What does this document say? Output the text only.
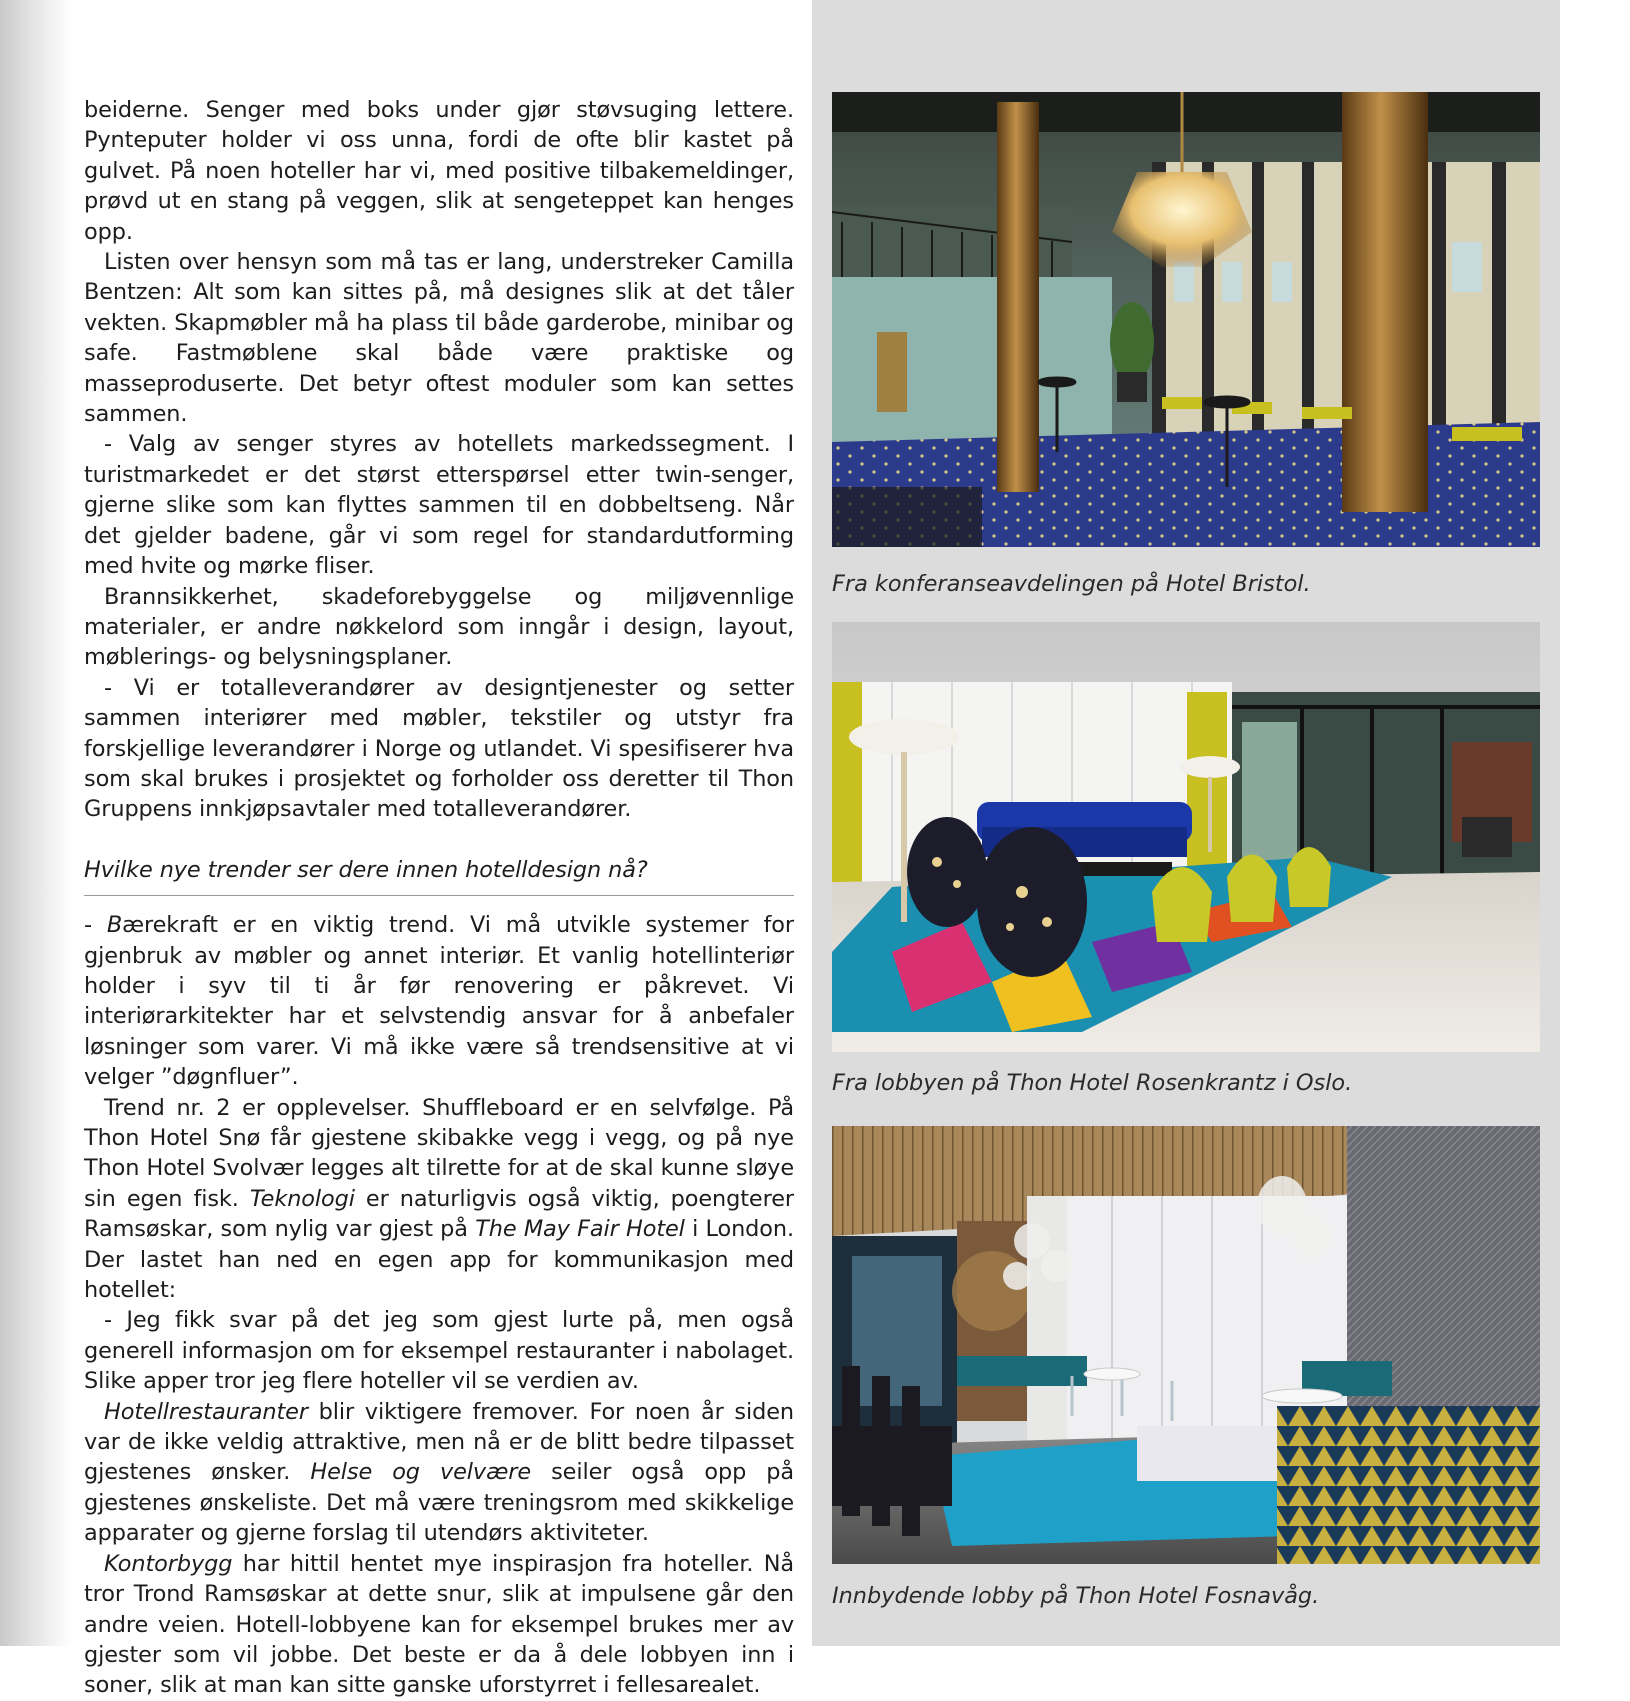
beiderne. Senger med boks under gjør støvsuging lettere. Pynteputer holder vi oss unna, fordi de ofte blir kastet på gulvet. På noen hoteller har vi, med positive tilbakemeldinger, prøvd ut en stang på veggen, slik at sengeteppet kan henges opp.

Listen over hensyn som må tas er lang, understreker Camilla Bentzen: Alt som kan sittes på, må designes slik at det tåler vekten. Skapmøbler må ha plass til både garderobe, minibar og safe. Fastmøblene skal både være praktiske og masseproduserte. Det betyr oftest moduler som kan settes sammen.

- Valg av senger styres av hotellets markedssegment. I turistmarkedet er det størst etterspørsel etter twin-senger, gjerne slike som kan flyttes sammen til en dobbeltseng. Når det gjelder badene, går vi som regel for standardutforming med hvite og mørke fliser.

Brannsikkerhet, skadeforebyggelse og miljøvennlige materialer, er andre nøkkelord som inngår i design, layout, møblerings- og belysningsplaner.

- Vi er totalleverandører av designtjenester og setter sammen interiører med møbler, tekstiler og utstyr fra forskjellige leverandører i Norge og utlandet. Vi spesifiserer hva som skal brukes i prosjektet og forholder oss deretter til Thon Gruppens innkjøpsavtaler med totalleverandører.

Hvilke nye trender ser dere innen hotelldesign nå?

- Bærekraft er en viktig trend. Vi må utvikle systemer for gjenbruk av møbler og annet interiør. Et vanlig hotellinteriør holder i syv til ti år før renovering er påkrevet. Vi interiørarkitekter har et selvstendig ansvar for å anbefaler løsninger som varer. Vi må ikke være så trendsensitive at vi velger ”døgnfluer”.

Trend nr. 2 er opplevelser. Shuffleboard er en selvfølge. På Thon Hotel Snø får gjestene skibakke vegg i vegg, og på nye Thon Hotel Svolvær legges alt tilrette for at de skal kunne sløye sin egen fisk. Teknologi er naturligvis også viktig, poengterer Ramsøskar, som nylig var gjest på The May Fair Hotel i London. Der lastet han ned en egen app for kommunikasjon med hotellet:

- Jeg fikk svar på det jeg som gjest lurte på, men også generell informasjon om for eksempel restauranter i nabolaget. Slike apper tror jeg flere hoteller vil se verdien av.

Hotellrestauranter blir viktigere fremover. For noen år siden var de ikke veldig attraktive, men nå er de blitt bedre tilpasset gjestenes ønsker. Helse og velvære seiler også opp på gjestenes ønskeliste. Det må være treningsrom med skikkelige apparater og gjerne forslag til utendørs aktiviteter.

Kontorbygg har hittil hentet mye inspirasjon fra hoteller. Nå tror Trond Ramsøskar at dette snur, slik at impulsene går den andre veien. Hotell-lobbyene kan for eksempel brukes mer av gjester som vil jobbe. Det beste er da å dele lobbyen inn i soner, slik at man kan sitte ganske uforstyrret i fellesarealet.

Fra konferanseavdelingen på Hotel Bristol.
Fra lobbyen på Thon Hotel Rosenkrantz i Oslo.
Innbydende lobby på Thon Hotel Fosnavåg.
